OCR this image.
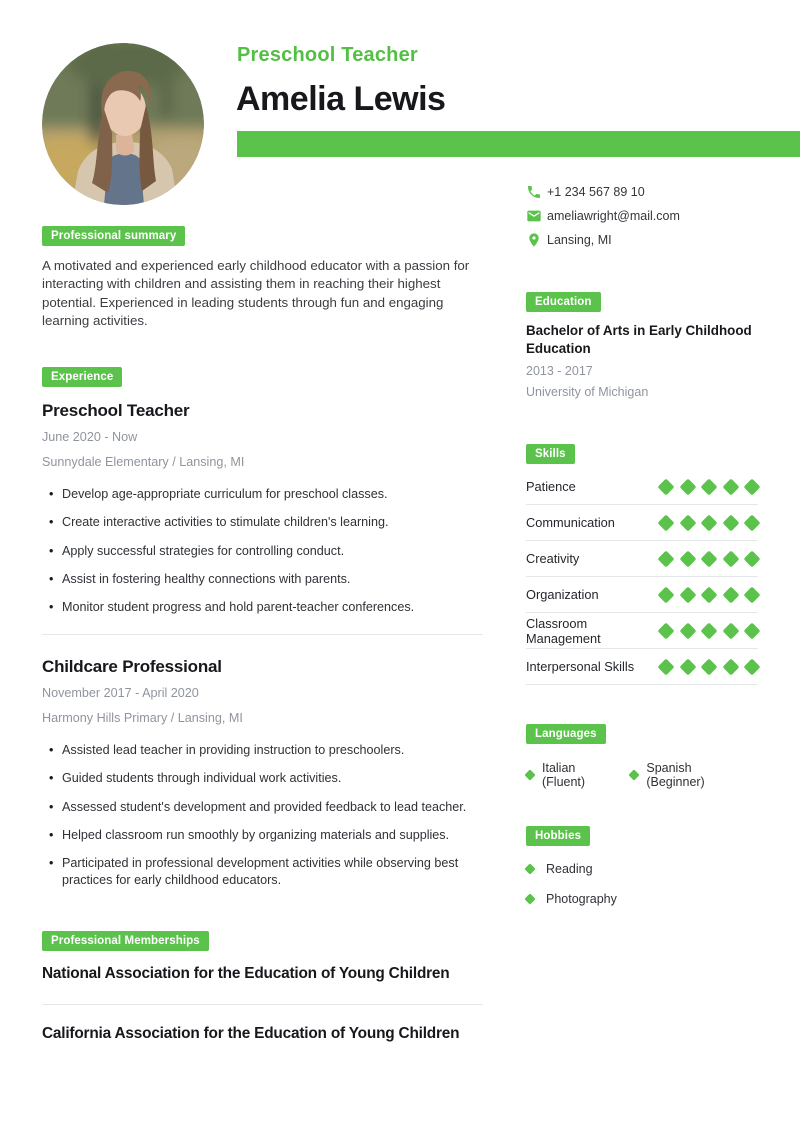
Preschool Teacher
Amelia Lewis
Professional summary

A motivated and experienced early childhood educator with a passion for interacting with children and assisting them in reaching their highest potential. Experienced in leading students through fun and engaging learning activities.

Experience
Preschool Teacher
June 2020 - Now
Sunnydale Elementary / Lansing, MI
• Develop age-appropriate curriculum for preschool classes.
• Create interactive activities to stimulate children's learning.
• Apply successful strategies for controlling conduct.
• Assist in fostering healthy connections with parents.
• Monitor student progress and hold parent-teacher conferences.
Childcare Professional
November 2017 - April 2020
Harmony Hills Primary / Lansing, MI
• Assisted lead teacher in providing instruction to preschoolers.
• Guided students through individual work activities.
• Assessed student's development and provided feedback to lead teacher.
• Helped classroom run smoothly by organizing materials and supplies.
• Participated in professional development activities while observing best practices for early childhood educators.
Professional Memberships
National Association for the Education of Young Children
California Association for the Education of Young Children
+1 234 567 89 10
ameliawright@mail.com
Lansing, MI
Education
Bachelor of Arts in Early Childhood Education
2013 - 2017
University of Michigan
Skills
Patience
Communication
Creativity
Organization
Classroom Management
Interpersonal Skills
Languages
Italian (Fluent)
Spanish (Beginner)
Hobbies
Reading
Photography
